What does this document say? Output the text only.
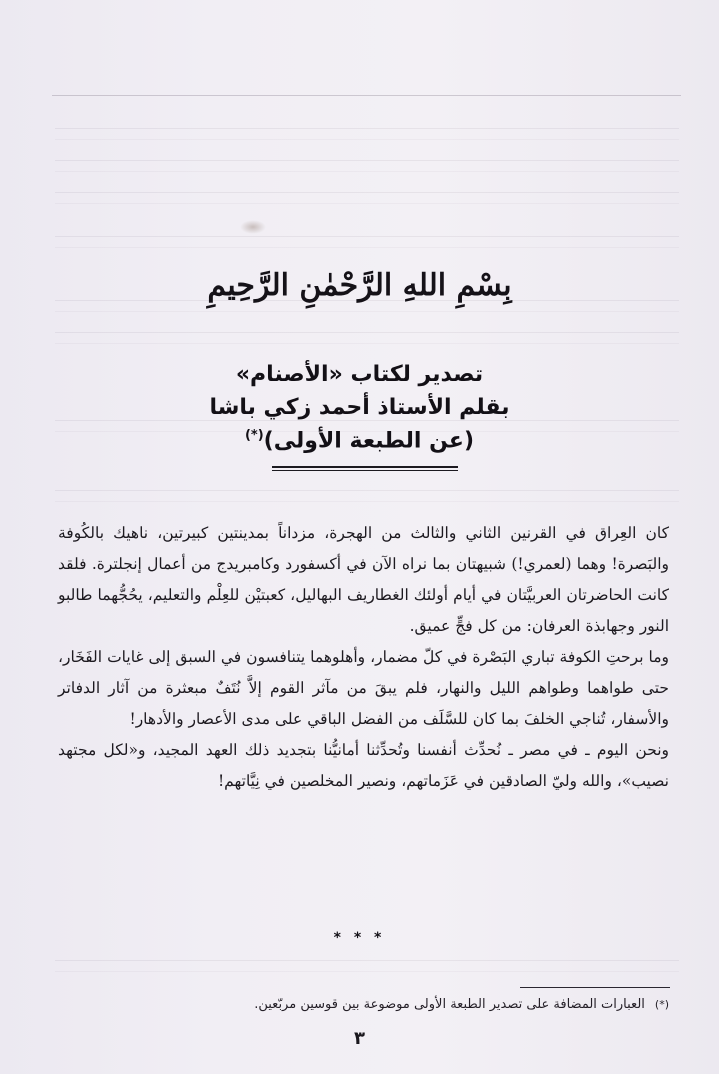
بِسْمِ اللهِ الرَّحْمٰنِ الرَّحِيمِ
تصدير لكتاب «الأصنام»
بقلم الأستاذ أحمد زكي باشا
(عن الطبعة الأولى)(*)

كان العِراق في القرنين الثاني والثالث من الهجرة، مزداناً بمدينتين كبيرتين، ناهيك بالكُوفة والبَصرة! وهما (لعمري!) شبيهتان بما نراه الآن في أكسفورد وكامبريدج من أعمال إنجلترة. فلقد كانت الحاضرتان العربيَّتان في أيام أولئك الغطاريف البهاليل، كعبتيْن للعِلْم والتعليم، يحُجُّهما طالبو النور وجهابذة العرفان: من كل فجٍّ عميق.

وما برحتِ الكوفة تباري البَصْرة في كلّ مضمار، وأهلوهما يتنافسون في السبق إلى غايات الفَخَار، حتى طواهما وطواهم الليل والنهار، فلم يبقَ من مآثر القوم إلاَّ نُتَفٌ مبعثرة من آثار الدفاتر والأسفار، تُناجي الخلفَ بما كان للسَّلَف من الفضل الباقي على مدى الأعصار والأدهار!

ونحن اليوم ـ في مصر ـ نُحدِّث أنفسنا وتُحدِّثنا أمانيُّنا بتجديد ذلك العهد المجيد، و«لكل مجتهد نصيب»، والله وليّ الصادقين في عَزَماتهم، ونصير المخلصين في نِيَّاتهم!

* * *
(*)العبارات المضافة على تصدير الطبعة الأولى موضوعة بين قوسين مربّعين.
٣
